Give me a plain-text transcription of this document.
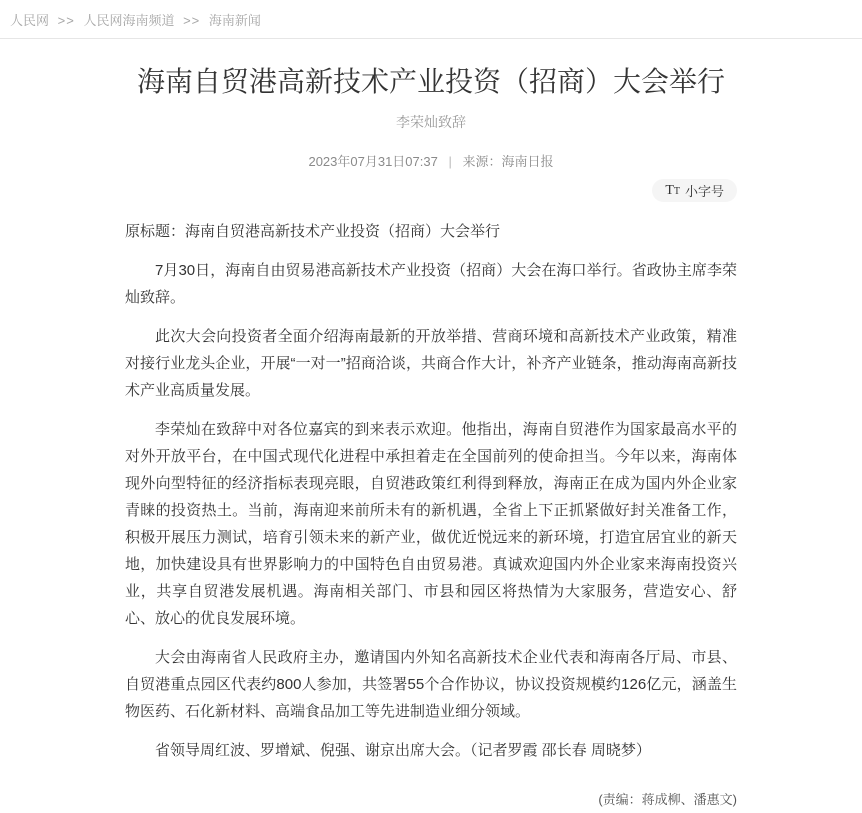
人民网 >> 人民网海南频道 >> 海南新闻
海南自贸港高新技术产业投资（招商）大会举行
李荣灿致辞
2023年07月31日07:37 | 来源：海南日报
T T 小字号

原标题：海南自贸港高新技术产业投资（招商）大会举行

7月30日，海南自由贸易港高新技术产业投资（招商）大会在海口举行。省政协主席李荣灿致辞。

此次大会向投资者全面介绍海南最新的开放举措、营商环境和高新技术产业政策，精准对接行业龙头企业，开展“一对一”招商洽谈，共商合作大计，补齐产业链条，推动海南高新技术产业高质量发展。

李荣灿在致辞中对各位嘉宾的到来表示欢迎。他指出，海南自贸港作为国家最高水平的对外开放平台，在中国式现代化进程中承担着走在全国前列的使命担当。今年以来，海南体现外向型特征的经济指标表现亮眼，自贸港政策红利得到释放，海南正在成为国内外企业家青睐的投资热土。当前，海南迎来前所未有的新机遇，全省上下正抓紧做好封关准备工作，积极开展压力测试，培育引领未来的新产业，做优近悦远来的新环境，打造宜居宜业的新天地，加快建设具有世界影响力的中国特色自由贸易港。真诚欢迎国内外企业家来海南投资兴业，共享自贸港发展机遇。海南相关部门、市县和园区将热情为大家服务，营造安心、舒心、放心的优良发展环境。

大会由海南省人民政府主办，邀请国内外知名高新技术企业代表和海南各厅局、市县、自贸港重点园区代表约800人参加，共签署55个合作协议，协议投资规模约126亿元，涵盖生物医药、石化新材料、高端食品加工等先进制造业细分领域。

省领导周红波、罗增斌、倪强、谢京出席大会。（记者罗霞 邵长春 周晓梦）

(责编：蒋成柳、潘惠文)
